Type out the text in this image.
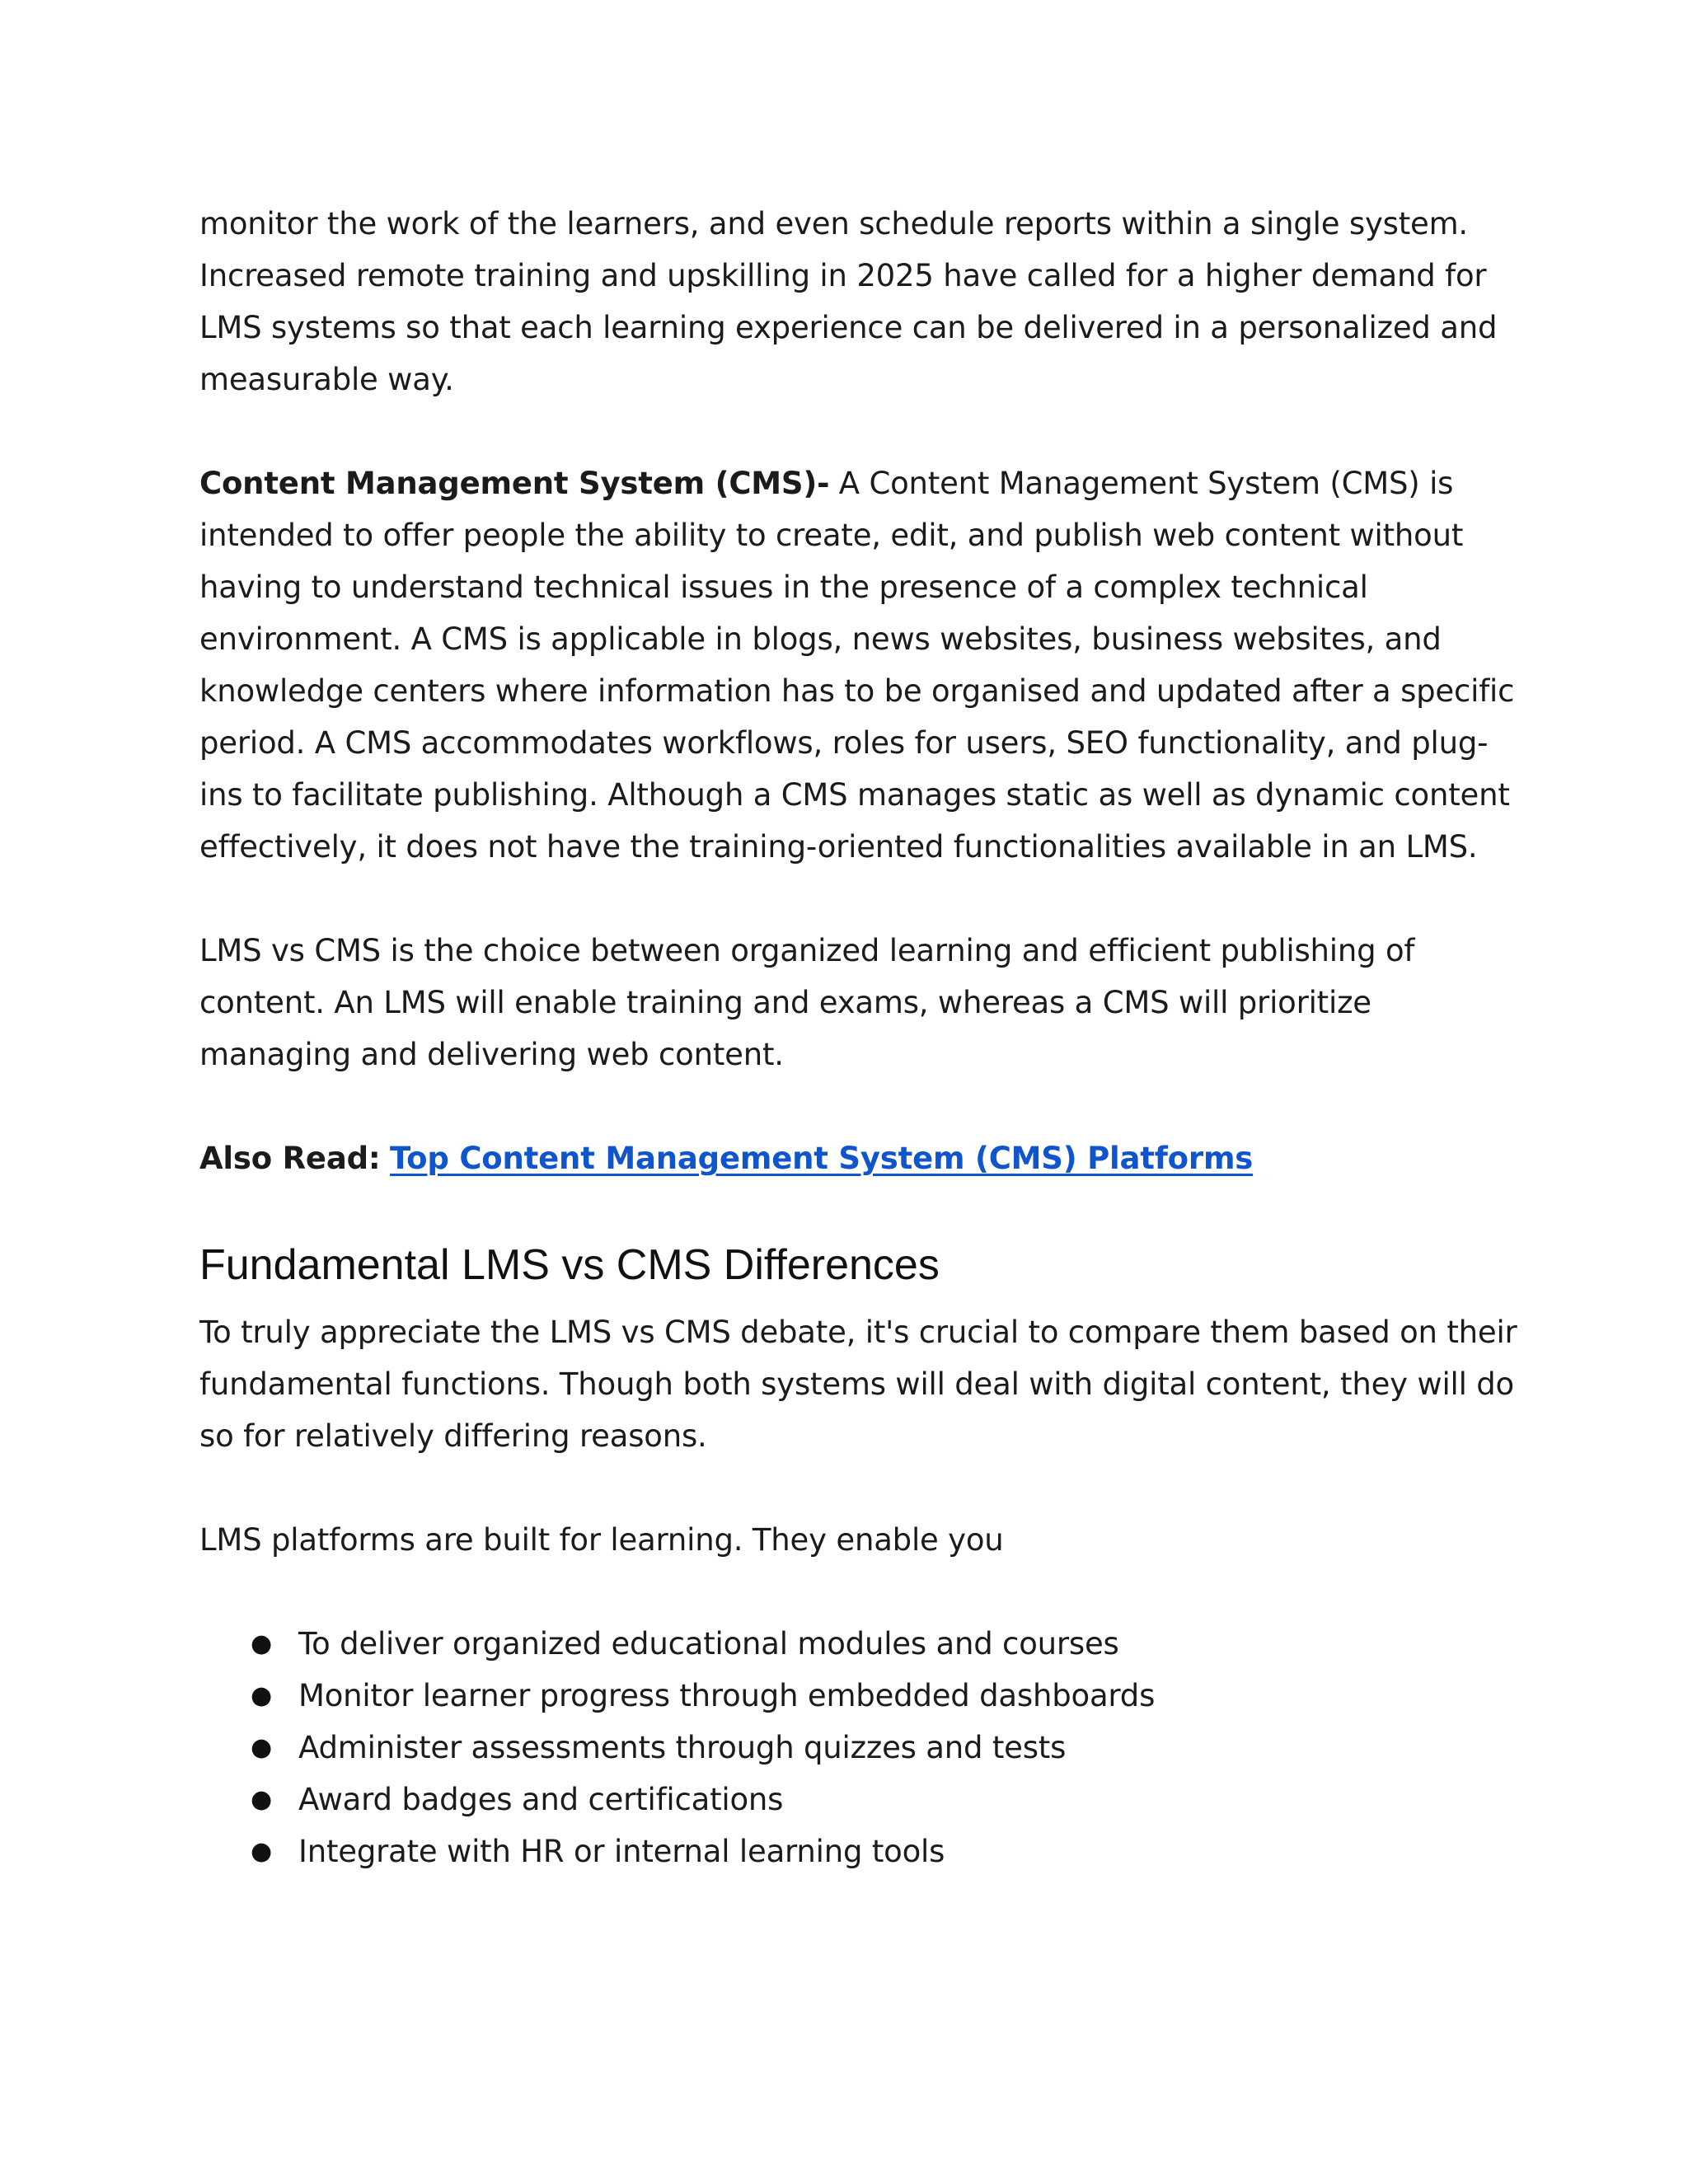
monitor the work of the learners, and even schedule reports within a single system. Increased remote training and upskilling in 2025 have called for a higher demand for LMS systems so that each learning experience can be delivered in a personalized and measurable way.

Content Management System (CMS)- A Content Management System (CMS) is intended to offer people the ability to create, edit, and publish web content without having to understand technical issues in the presence of a complex technical environment. A CMS is applicable in blogs, news websites, business websites, and knowledge centers where information has to be organised and updated after a specific period. A CMS accommodates workflows, roles for users, SEO functionality, and plug-ins to facilitate publishing. Although a CMS manages static as well as dynamic content effectively, it does not have the training-oriented functionalities available in an LMS.

LMS vs CMS is the choice between organized learning and efficient publishing of content. An LMS will enable training and exams, whereas a CMS will prioritize managing and delivering web content.

Also Read: Top Content Management System (CMS) Platforms

Fundamental LMS vs CMS Differences

To truly appreciate the LMS vs CMS debate, it's crucial to compare them based on their fundamental functions. Though both systems will deal with digital content, they will do so for relatively differing reasons.

LMS platforms are built for learning. They enable you

● To deliver organized educational modules and courses
● Monitor learner progress through embedded dashboards
● Administer assessments through quizzes and tests
● Award badges and certifications
● Integrate with HR or internal learning tools
